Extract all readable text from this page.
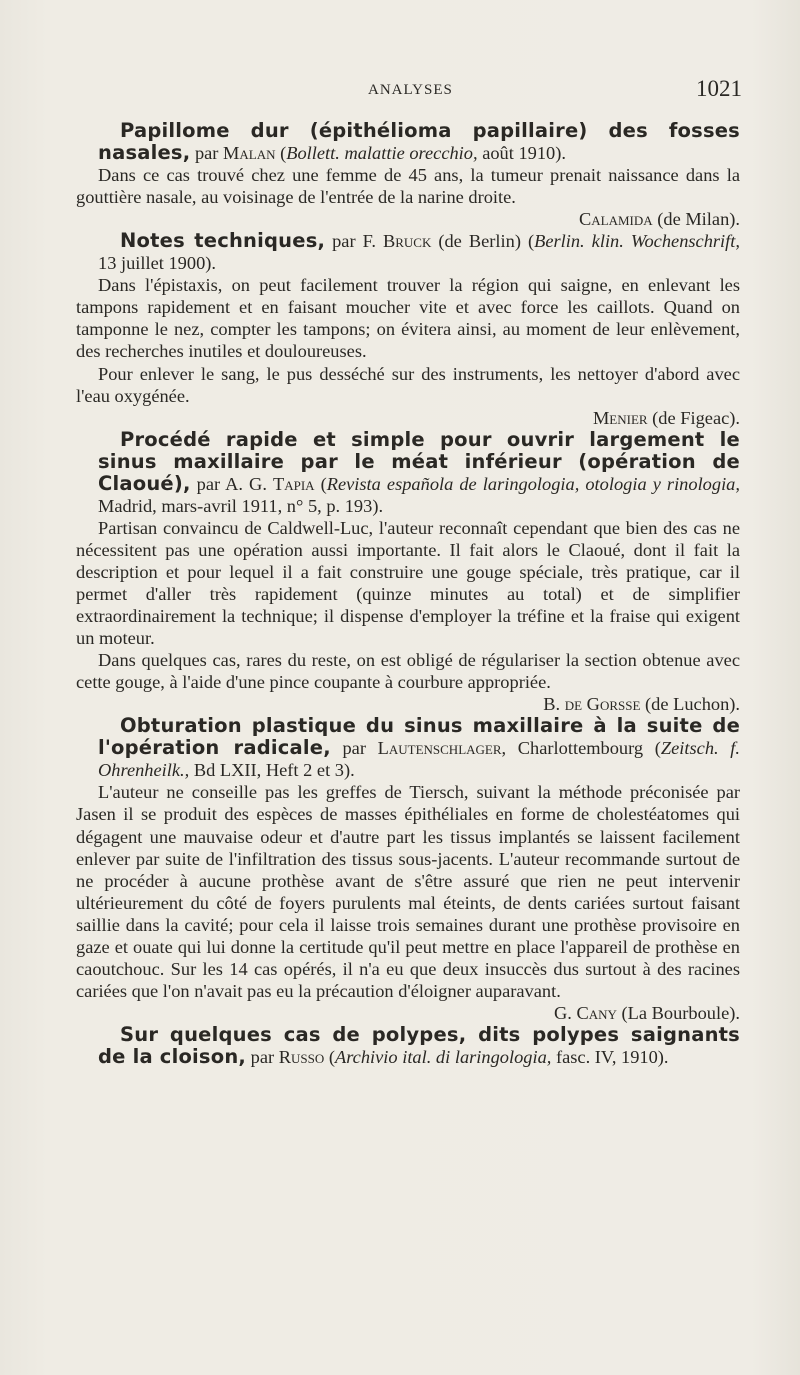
ANALYSES	1021

Papillome dur (épithélioma papillaire) des fosses nasales, par Malan (Bollett. malattie orecchio, août 1910).

Dans ce cas trouvé chez une femme de 45 ans, la tumeur prenait naissance dans la gouttière nasale, au voisinage de l'entrée de la narine droite.

Calamida (de Milan).

Notes techniques, par F. Bruck (de Berlin) (Berlin. klin. Wochenschrift, 13 juillet 1900).

Dans l'épistaxis, on peut facilement trouver la région qui saigne, en enlevant les tampons rapidement et en faisant moucher vite et avec force les caillots. Quand on tamponne le nez, compter les tampons; on évitera ainsi, au moment de leur enlèvement, des recherches inutiles et douloureuses.

Pour enlever le sang, le pus desséché sur des instruments, les nettoyer d'abord avec l'eau oxygénée.

Menier (de Figeac).

Procédé rapide et simple pour ouvrir largement le sinus maxillaire par le méat inférieur (opération de Claoué), par A. G. Tapia (Revista española de laringologia, otologia y rinologia, Madrid, mars-avril 1911, n° 5, p. 193).

Partisan convaincu de Caldwell-Luc, l'auteur reconnaît cependant que bien des cas ne nécessitent pas une opération aussi importante. Il fait alors le Claoué, dont il fait la description et pour lequel il a fait construire une gouge spéciale, très pratique, car il permet d'aller très rapidement (quinze minutes au total) et de simplifier extraordinairement la technique; il dispense d'employer la tréfine et la fraise qui exigent un moteur.

Dans quelques cas, rares du reste, on est obligé de régulariser la section obtenue avec cette gouge, à l'aide d'une pince coupante à courbure appropriée.

B. de Gorsse (de Luchon).

Obturation plastique du sinus maxillaire à la suite de l'opération radicale, par Lautenschlager, Charlottembourg (Zeitsch. f. Ohrenheilk., Bd LXII, Heft 2 et 3).

L'auteur ne conseille pas les greffes de Tiersch, suivant la méthode préconisée par Jasen il se produit des espèces de masses épithéliales en forme de cholestéatomes qui dégagent une mauvaise odeur et d'autre part les tissus implantés se laissent facilement enlever par suite de l'infiltration des tissus sous-jacents. L'auteur recommande surtout de ne procéder à aucune prothèse avant de s'être assuré que rien ne peut intervenir ultérieurement du côté de foyers purulents mal éteints, de dents cariées surtout faisant saillie dans la cavité; pour cela il laisse trois semaines durant une prothèse provisoire en gaze et ouate qui lui donne la certitude qu'il peut mettre en place l'appareil de prothèse en caoutchouc. Sur les 14 cas opérés, il n'a eu que deux insuccès dus surtout à des racines cariées que l'on n'avait pas eu la précaution d'éloigner auparavant.

G. Cany (La Bourboule).

Sur quelques cas de polypes, dits polypes saignants de la cloison, par Russo (Archivio ital. di laringologia, fasc. IV, 1910).
